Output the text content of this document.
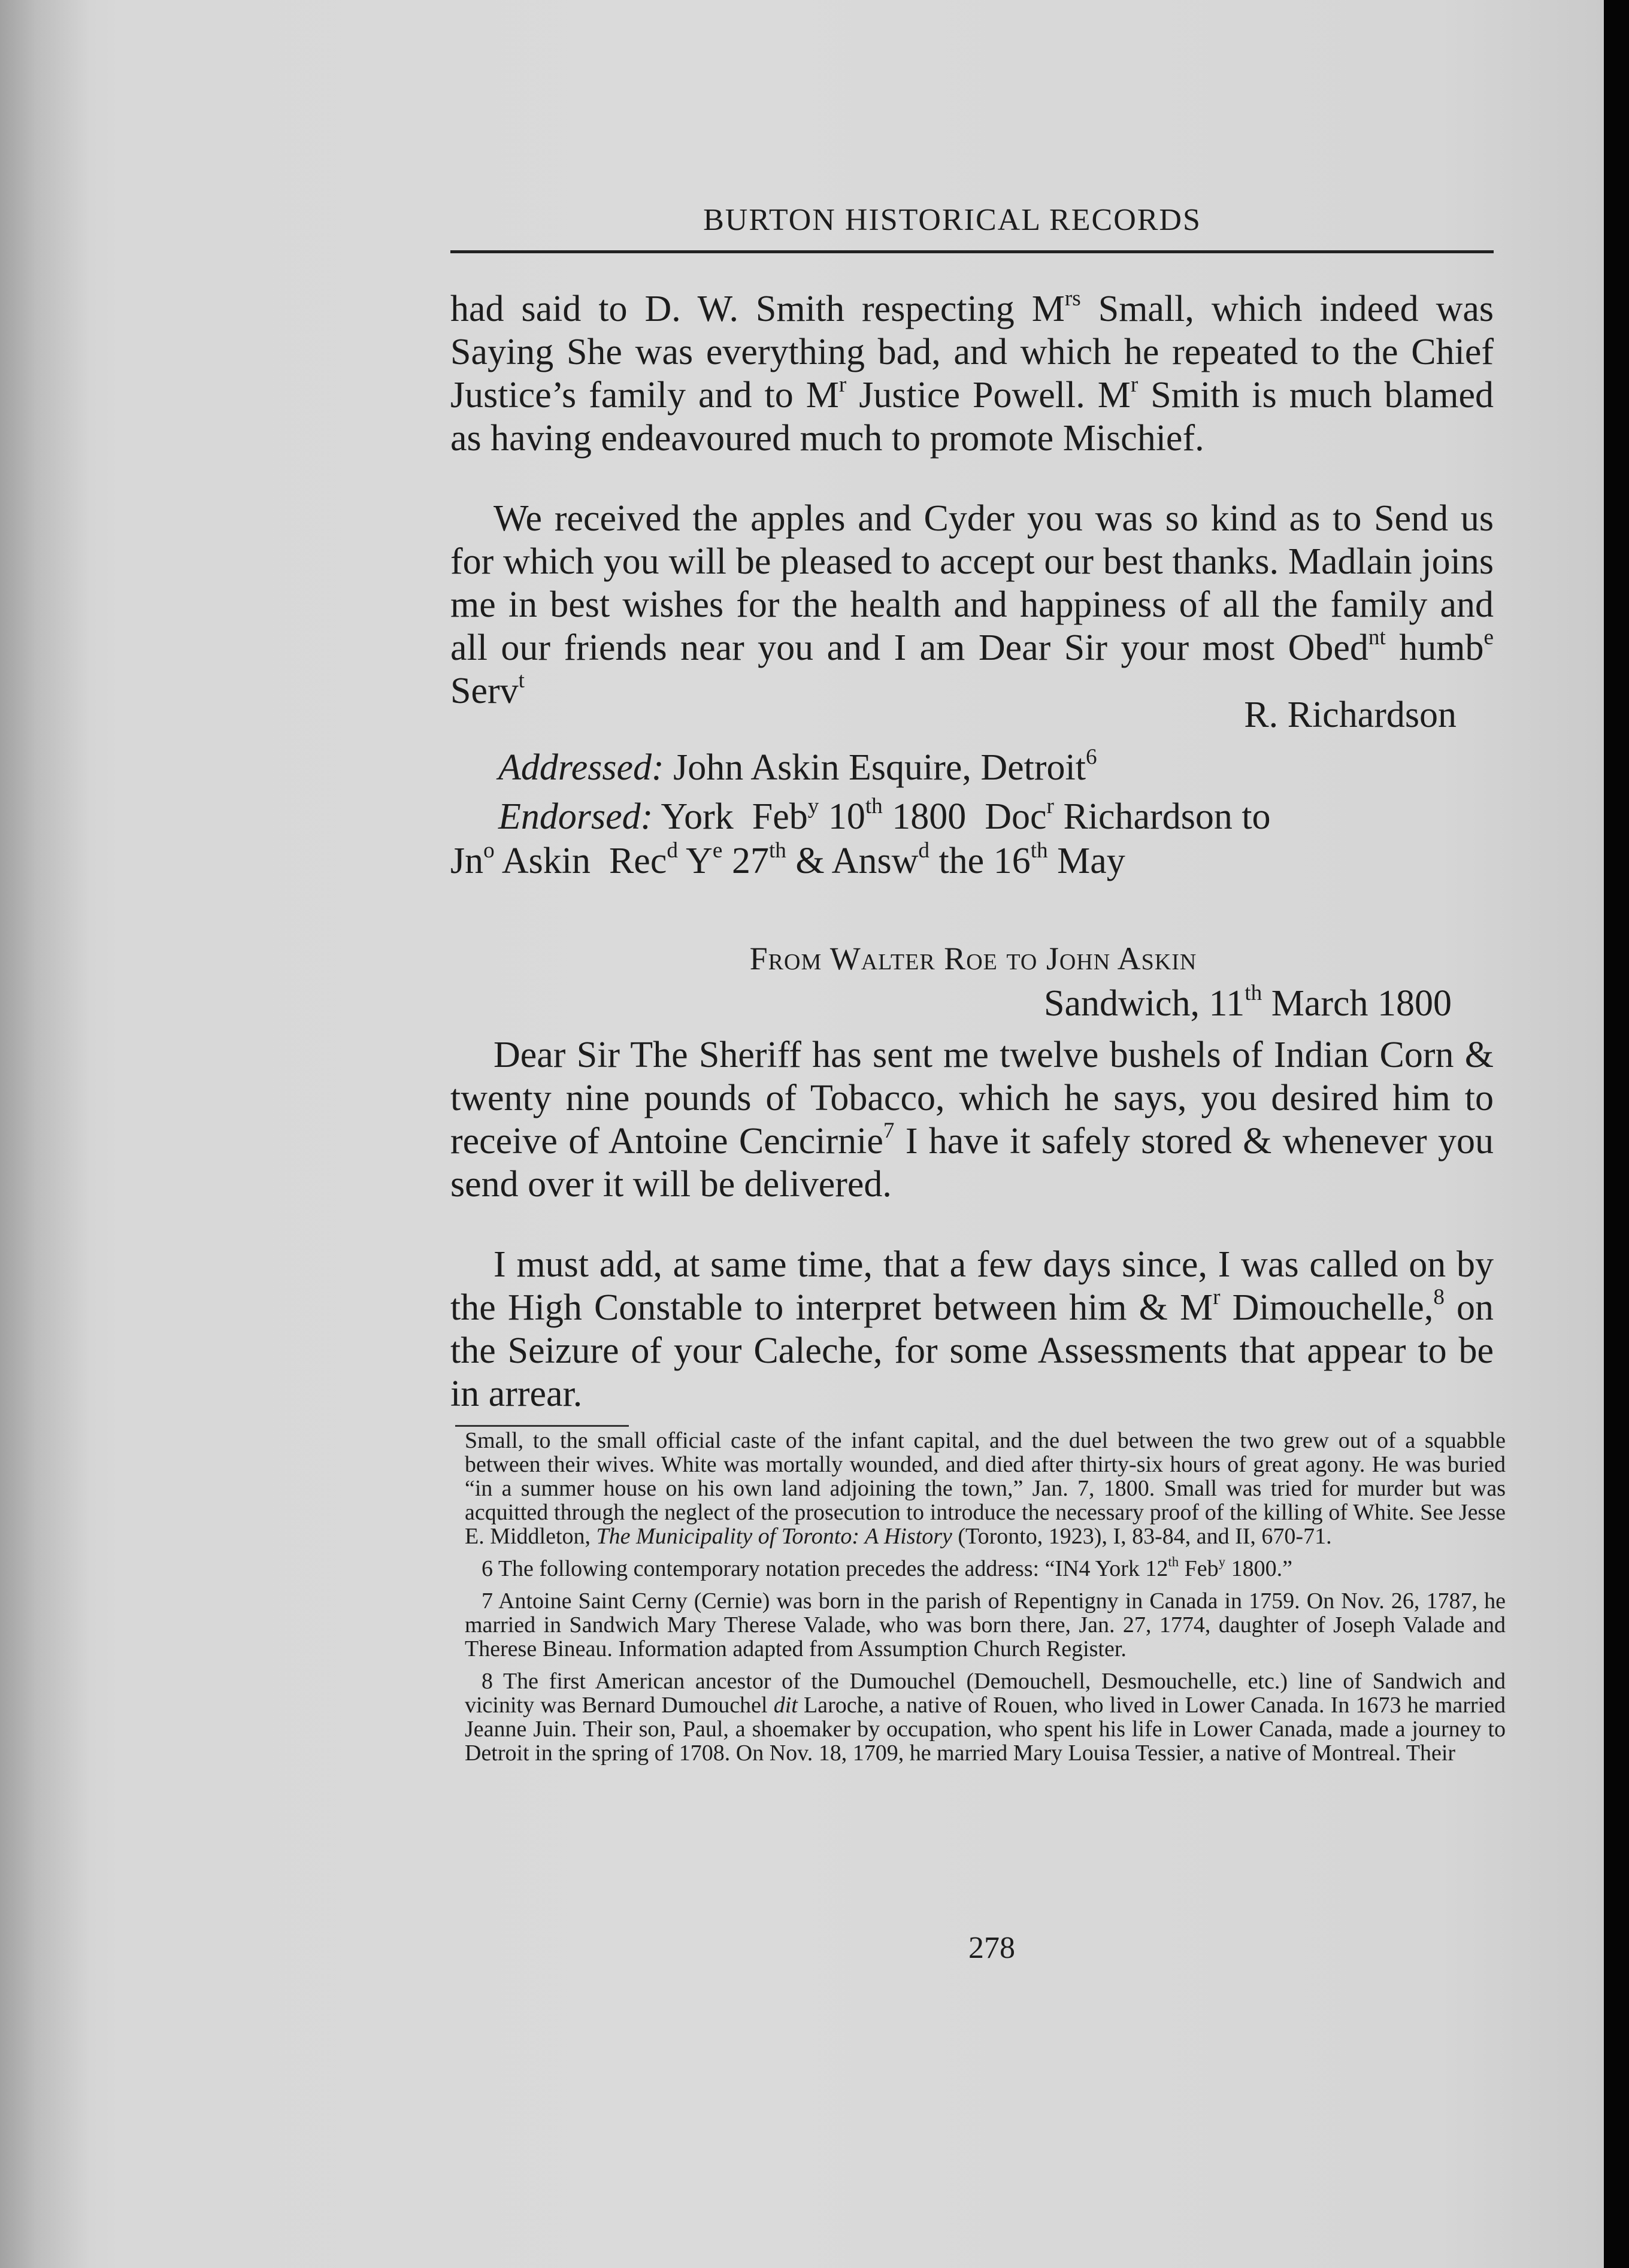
BURTON HISTORICAL RECORDS

had said to D. W. Smith respecting $M^{rs}$ Small, which indeed was Saying She was everything bad, and which he repeated to the Chief Justice’s family and to $M^r$ Justice Powell. $M^r$ Smith is much blamed as having endeavoured much to promote Mischief.

We received the apples and Cyder you was so kind as to Send us for which you will be pleased to accept our best thanks. Madlain joins me in best wishes for the health and happiness of all the family and all our friends near you and I am Dear Sir your most Obed$^{nt}$ humb$^e$ Serv$^t$

R. Richardson
Addressed: John Askin Esquire, Detroit$^6$
Endorsed: York  Feb$^y$ 10th 1800  Doc$^r$ Richardson to
Jn$^o$ Askin  Rec$^d$ $Y^e$ 27th & Answ$^d$ the 16th May
From Walter Roe to John Askin
Sandwich, 11th March 1800

Dear Sir The Sheriff has sent me twelve bushels of Indian Corn & twenty nine pounds of Tobacco, which he says, you desired him to receive of Antoine Cencirnie$^7$ I have it safely stored & whenever you send over it will be delivered.

I must add, at same time, that a few days since, I was called on by the High Constable to interpret between him & $M^r$ Dimouchelle,$^8$ on the Seizure of your Caleche, for some Assessments that appear to be in arrear.

Small, to the small official caste of the infant capital, and the duel between the two grew out of a squabble between their wives. White was mortally wounded, and died after thirty-six hours of great agony. He was buried “in a summer house on his own land adjoining the town,” Jan. 7, 1800. Small was tried for murder but was acquitted through the neglect of the prosecution to introduce the necessary proof of the killing of White. See Jesse E. Middleton, The Municipality of Toronto: A History (Toronto, 1923), I, 83-84, and II, 670-71.

6 The following contemporary notation precedes the address: “IN4 York 12th Feb$^y$ 1800.”

7 Antoine Saint Cerny (Cernie) was born in the parish of Repentigny in Canada in 1759. On Nov. 26, 1787, he married in Sandwich Mary Therese Valade, who was born there, Jan. 27, 1774, daughter of Joseph Valade and Therese Bineau. Information adapted from Assumption Church Register.

8 The first American ancestor of the Dumouchel (Demouchell, Desmouchelle, etc.) line of Sandwich and vicinity was Bernard Dumouchel dit Laroche, a native of Rouen, who lived in Lower Canada. In 1673 he married Jeanne Juin. Their son, Paul, a shoemaker by occupation, who spent his life in Lower Canada, made a journey to Detroit in the spring of 1708. On Nov. 18, 1709, he married Mary Louisa Tessier, a native of Montreal. Their

278
